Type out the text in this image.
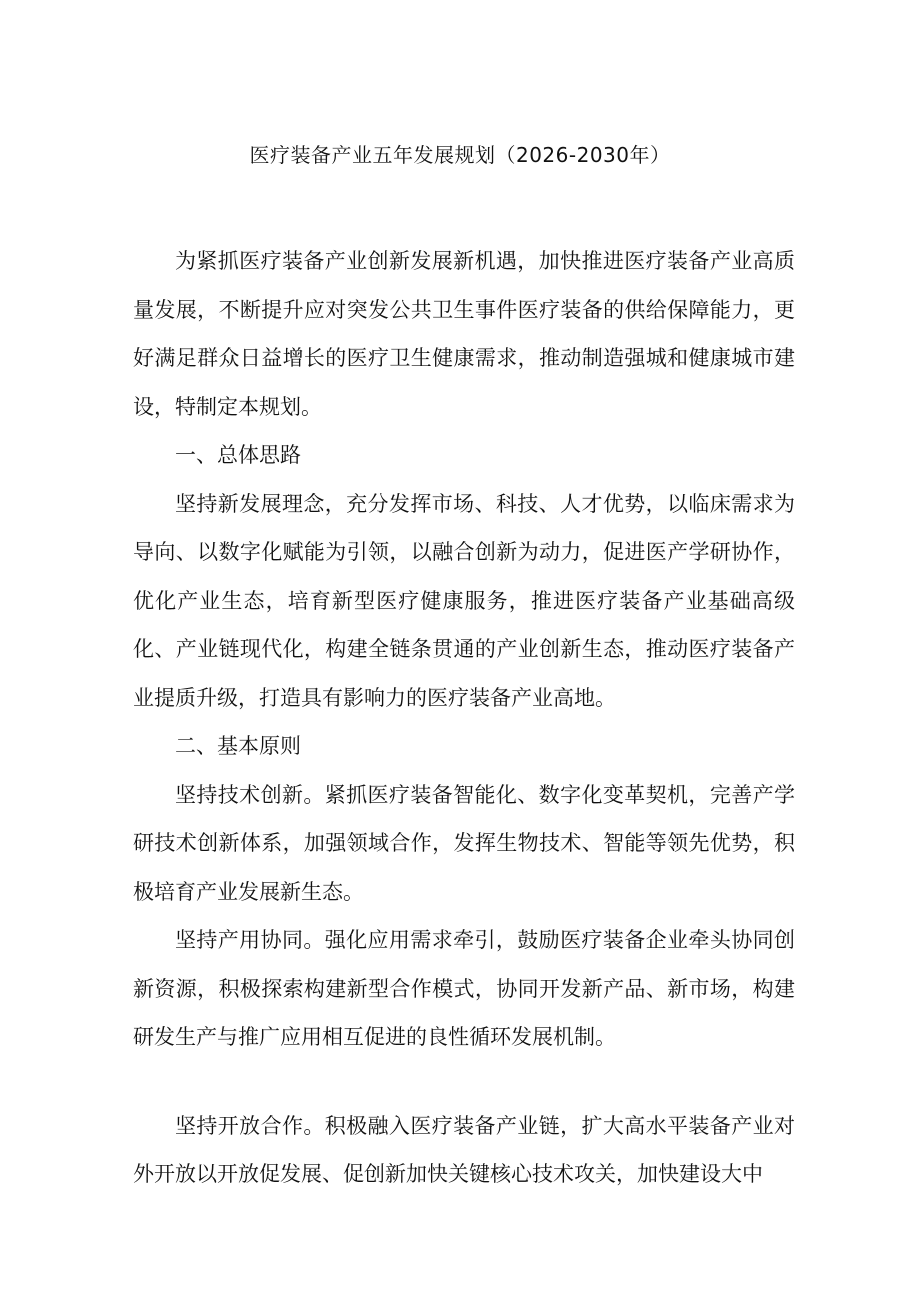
医疗装备产业五年发展规划（2026-2030年）

为紧抓医疗装备产业创新发展新机遇，加快推进医疗装备产业高质量发展，不断提升应对突发公共卫生事件医疗装备的供给保障能力，更好满足群众日益增长的医疗卫生健康需求，推动制造强城和健康城市建设，特制定本规划。

一、总体思路

坚持新发展理念，充分发挥市场、科技、人才优势，以临床需求为导向、以数字化赋能为引领，以融合创新为动力，促进医产学研协作，优化产业生态，培育新型医疗健康服务，推进医疗装备产业基础高级化、产业链现代化，构建全链条贯通的产业创新生态，推动医疗装备产业提质升级，打造具有影响力的医疗装备产业高地。

二、基本原则

坚持技术创新。紧抓医疗装备智能化、数字化变革契机，完善产学研技术创新体系，加强领域合作，发挥生物技术、智能等领先优势，积极培育产业发展新生态。

坚持产用协同。强化应用需求牵引，鼓励医疗装备企业牵头协同创新资源，积极探索构建新型合作模式，协同开发新产品、新市场，构建研发生产与推广应用相互促进的良性循环发展机制。

坚持开放合作。积极融入医疗装备产业链，扩大高水平装备产业对外开放以开放促发展、促创新加快关键核心技术攻关，加快建设大中
